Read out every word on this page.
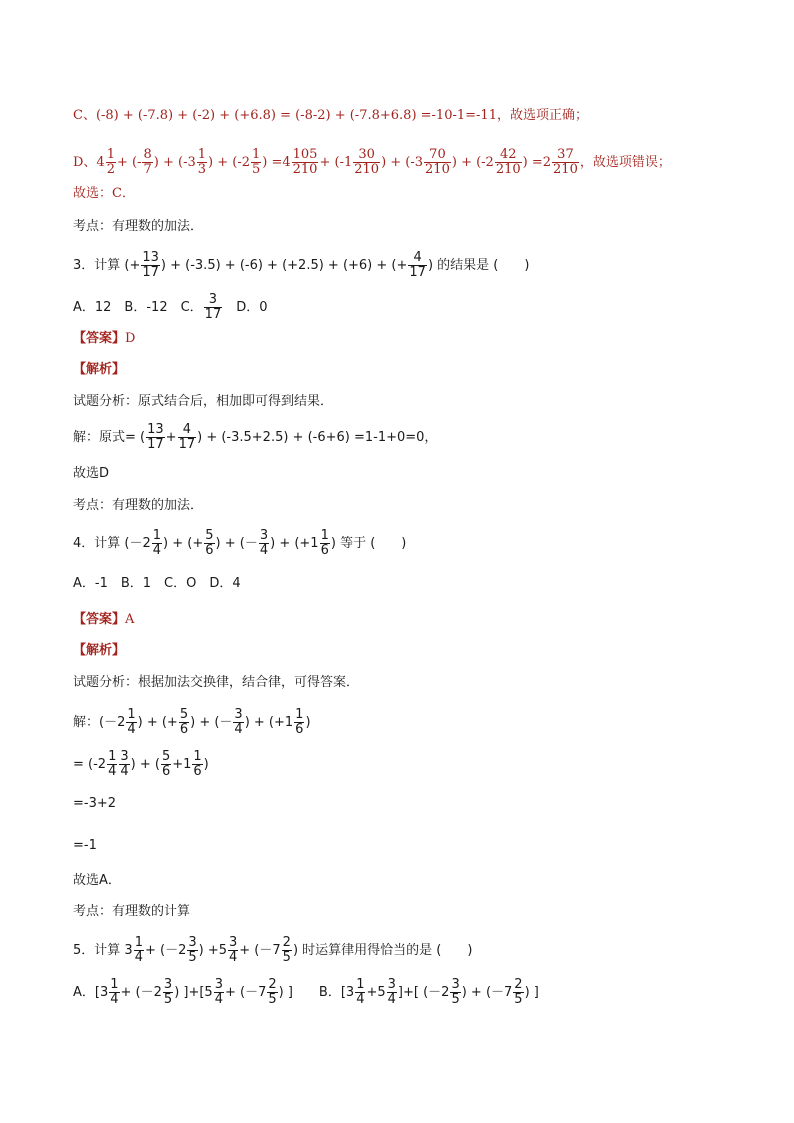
C、(-8) + (-7.8) + (-2) + (+6.8) = (-8-2) + (-7.8+6.8) =-10-1=-11，故选项正确；
D、$4 \frac{1}{2}$ + (- $\frac{8}{7}$ ) + ($-3 \frac{1}{3}$ ) + ($-2 \frac{1}{5}$ ) $=4 \frac{105}{210} + (-1 \frac{30}{210}$ ) + ($-3 \frac{70}{210}$ ) + ($-2 \frac{42}{210}$ ) $=2 \frac{37}{210}$ ，故选项错误；
故选：C．
考点：有理数的加法．
3．计算 (+ $\frac{13}{17}$ ) + (-3.5) + (-6) + (+2.5) + (+6) + (+ $\frac{4}{17}$ ) 的结果是 (　　)
A．12　B．-12　C． $\frac{3}{17}$ 　D．0
【答案】D
【解析】
试题分析：原式结合后，相加即可得到结果．
解：原式= ( $\frac{13}{17} + \frac{4}{17}$ ) + (-3.5+2.5) + (-6+6) =1-1+0=0，
故选D
考点：有理数的加法．
4．计算 ($-2 \frac{1}{4}$ ) + (+ $\frac{5}{6}$ ) + (－ $\frac{3}{4}$ ) + ($+1 \frac{1}{6}$ ) 等于 (　　)
A．-1　B．1　C．O　D．4
【答案】A
【解析】
试题分析：根据加法交换律，结合律，可得答案．
解：($-2 \frac{1}{4}$ ) + (+ $\frac{5}{6}$ ) + (－ $\frac{3}{4}$ ) + ($+1 \frac{1}{6}$ )
= ($-2 \frac{1}{4} \frac{3}{4}$ ) + ( $\frac{5}{6} +1 \frac{1}{6}$ )
=-3+2
=-1
故选A．
考点：有理数的计算
5．计算 $3 \frac{1}{4} + (-2 \frac{3}{5}$ ) $+5 \frac{3}{4} + (-7 \frac{2}{5}$ ) 时运算律用得恰当的是 (　　)
A．[$3 \frac{1}{4} + (-2 \frac{3}{5}$ ) ]$+[5 \frac{3}{4} + (-7 \frac{2}{5}$ ) ]　　B．[$3 \frac{1}{4} +5 \frac{3}{4}$ ]+[ ($-2 \frac{3}{5}$ ) + ($-7 \frac{2}{5}$ ) ]
